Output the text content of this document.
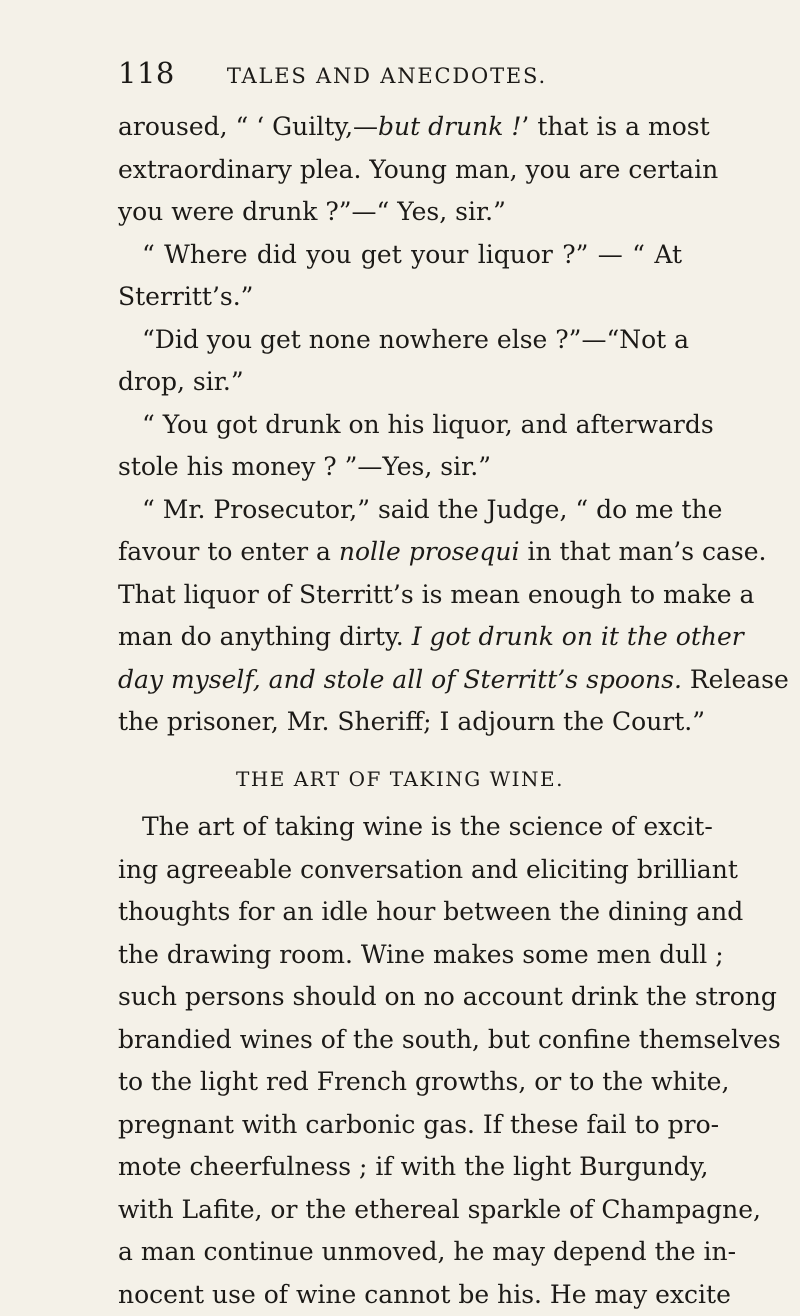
118 TALES AND ANECDOTES.
aroused, “ ‘ Guilty,—but drunk !’ that is a most
extraordinary plea. Young man, you are certain
you were drunk ?”—“ Yes, sir.”
“ Where did you get your liquor ?” — “ At
Sterritt’s.”
“Did you get none nowhere else ?”—“Not a
drop, sir.”
“ You got drunk on his liquor, and afterwards
stole his money ? ”—Yes, sir.”
“ Mr. Prosecutor,” said the Judge, “ do me the
favour to enter a nolle prosequi in that man’s case.
That liquor of Sterritt’s is mean enough to make a
man do anything dirty. I got drunk on it the other
day myself, and stole all of Sterritt’s spoons. Release
the prisoner, Mr. Sheriff; I adjourn the Court.”
THE ART OF TAKING WINE.
The art of taking wine is the science of excit-
ing agreeable conversation and eliciting brilliant
thoughts for an idle hour between the dining and
the drawing room. Wine makes some men dull ;
such persons should on no account drink the strong
brandied wines of the south, but confine themselves
to the light red French growths, or to the white,
pregnant with carbonic gas. If these fail to pro-
mote cheerfulness ; if with the light Burgundy,
with Lafite, or the ethereal sparkle of Champagne,
a man continue unmoved, he may depend the in-
nocent use of wine cannot be his. He may excite
